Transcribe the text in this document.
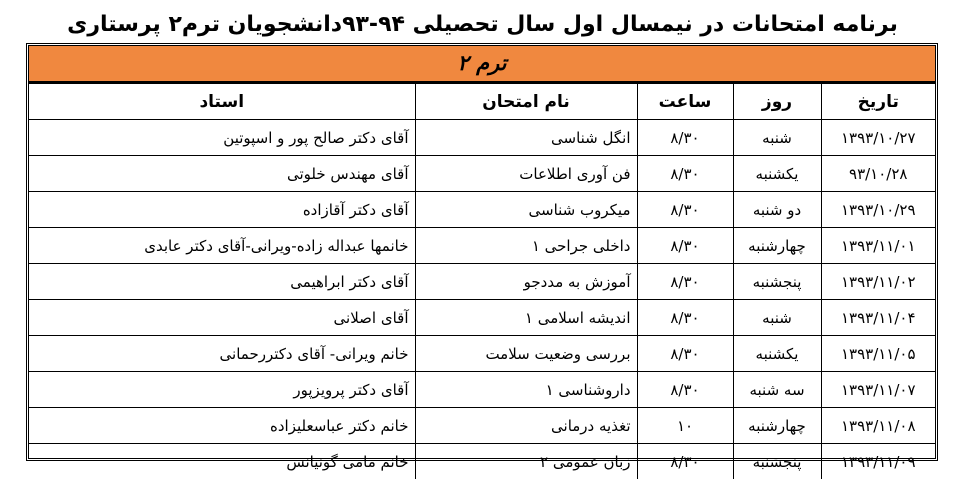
برنامه امتحانات در نیمسال اول سال تحصیلی ۹۴-۹۳دانشجویان ترم۲ پرستاری
ترم ۲
تاریخ	روز	ساعت	نام امتحان	استاد
۱۳۹۳/۱۰/۲۷	شنبه	۸/۳۰	انگل شناسی	آقای دکتر صالح پور و اسپوتین
۹۳/۱۰/۲۸	یکشنبه	۸/۳۰	فن آوری اطلاعات	آقای مهندس خلوتی
۱۳۹۳/۱۰/۲۹	دو شنبه	۸/۳۰	میکروب شناسی	آقای دکتر آقازاده
۱۳۹۳/۱۱/۰۱	چهارشنبه	۸/۳۰	داخلی جراحی ۱	خانمها عبداله زاده-ویرانی-آقای دکتر عابدی
۱۳۹۳/۱۱/۰۲	پنجشنبه	۸/۳۰	آموزش به مددجو	آقای دکتر ابراهیمی
۱۳۹۳/۱۱/۰۴	شنبه	۸/۳۰	اندیشه اسلامی ۱	آقای اصلانی
۱۳۹۳/۱۱/۰۵	یکشنبه	۸/۳۰	بررسی وضعیت سلامت	خانم ویرانی- آقای دکتررحمانی
۱۳۹۳/۱۱/۰۷	سه شنبه	۸/۳۰	داروشناسی ۱	آقای دکتر پرویزپور
۱۳۹۳/۱۱/۰۸	چهارشنبه	۱۰	تغذیه درمانی	خانم دکتر عباسعلیزاده
۱۳۹۳/۱۱/۰۹	پنجشنبه	۸/۳۰	زبان عمومی ۲	خانم مامی گونیانس
